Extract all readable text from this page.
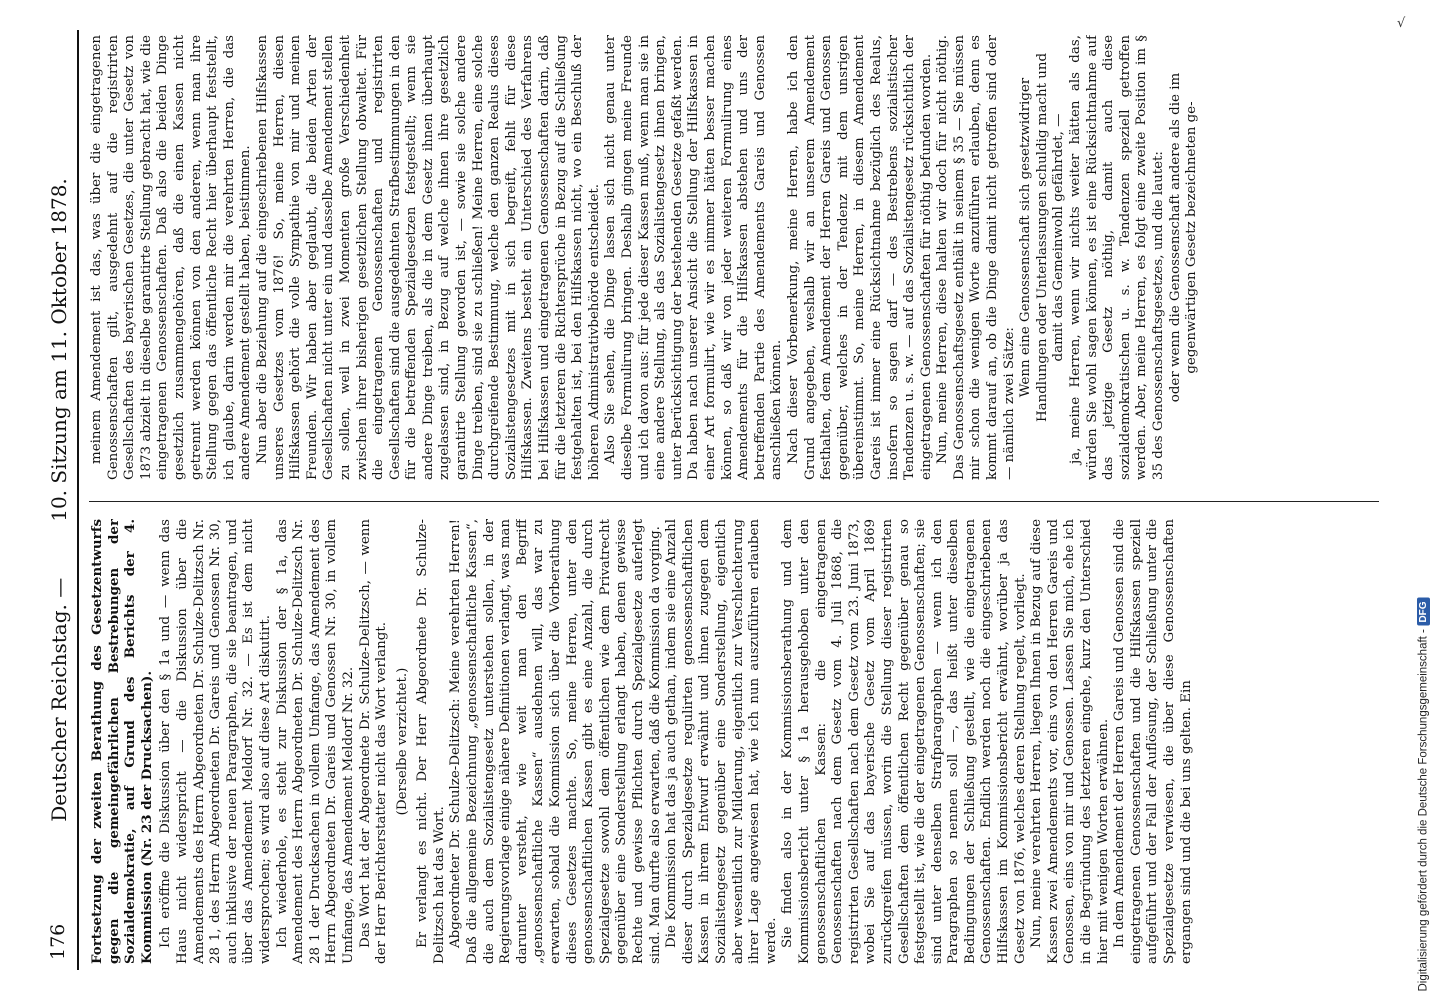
176
Deutscher Reichstag. —
10. Sitzung am 11. Oktober 1878.

Fortsetzung der zweiten Berathung des Gesetzentwurfs gegen die gemeingefährlichen Bestrebungen der Sozialdemokratie, auf Grund des Berichts der 4. Kommission (Nr. 23 der Drucksachen). Ich eröffne die Diskussion über den § 1a und — wenn das Haus nicht widerspricht — die Diskussion über die Amendements des Herrn Abgeordneten Dr. Schulze-Delitzsch Nr. 28 1, des Herrn Abgeordneten Dr. Gareis und Genossen Nr. 30, auch inklusive der neuen Paragraphen, die sie beantragen, und über das Amendement Meldorf Nr. 32. — Es ist dem nicht widersprochen; es wird also auf diese Art diskutirt. Ich wiederhole, es steht zur Diskussion der § 1a, das Amendement des Herrn Abgeordneten Dr. Schulze-Delitzsch Nr. 28 1 der Drucksachen in vollem Umfange, das Amendement des Herrn Abgeordneten Dr. Gareis und Genossen Nr. 30, in vollem Umfange, das Amendement Meldorf Nr. 32. Das Wort hat der Abgeordnete Dr. Schulze-Delitzsch, — wenn der Herr Berichterstatter nicht das Wort verlangt. (Derselbe verzichtet.) Er verlangt es nicht. Der Herr Abgeordnete Dr. Schulze-Delitzsch hat das Wort. Abgeordneter Dr. Schulze-Delitzsch: Meine verehrten Herren! Daß die allgemeine Bezeichnung „genossenschaftliche Kassen“, die auch dem Sozialistengesetz unterstehen sollen, in der Regierungsvorlage einige nähere Definitionen verlangt, was man darunter versteht, wie weit man den Begriff „genossenschaftliche Kassen“ ausdehnen will, das war zu erwarten, sobald die Kommission sich über die Vorberathung dieses Gesetzes machte. So, meine Herren, unter den genossenschaftlichen Kassen gibt es eine Anzahl, die durch Spezialgesetze sowohl dem öffentlichen wie dem Privatrecht gegenüber eine Sonderstellung erlangt haben, denen gewisse Rechte und gewisse Pflichten durch Spezialgesetze auferlegt sind. Man durfte also erwarten, daß die Kommission da vorging. Die Kommission hat das ja auch gethan, indem sie eine Anzahl dieser durch Spezialgesetze regulirten genossenschaftlichen Kassen in ihrem Entwurf erwähnt und ihnen zugegen dem Sozialistengesetz gegenüber eine Sonderstellung, eigentlich aber wesentlich zur Milderung, eigentlich zur Verschlechterung ihrer Lage angewiesen hat, wie ich nun auszuführen erlauben werde. Sie finden also in der Kommissionsberathung und dem Kommissionsbericht unter § 1a herausgehoben unter den genossenschaftlichen Kassen: die eingetragenen Genossenschaften nach dem Gesetz vom 4. Juli 1868, die registrirten Gesellschaften nach dem Gesetz vom 23. Juni 1873, wobei Sie auf das bayerische Gesetz vom April 1869 zurückgreifen müssen, worin die Stellung dieser registrirten Gesellschaften dem öffentlichen Recht gegenüber genau so festgestellt ist, wie die der eingetragenen Genossenschaften; sie sind unter denselben Strafparagraphen — wenn ich den Paragraphen so nennen soll —, das heißt unter dieselben Bedingungen der Schließung gestellt, wie die eingetragenen Genossenschaften. Endlich werden noch die eingeschriebenen Hilfskassen im Kommissionsbericht erwähnt, worüber ja das Gesetz von 1876, welches deren Stellung regelt, vorliegt. Nun, meine verehrten Herren, liegen Ihnen in Bezug auf diese Kassen zwei Amendements vor, eins von den Herren Gareis und Genossen, eins von mir und Genossen. Lassen Sie mich, ehe ich in die Begründung des letzteren eingehe, kurz den Unterschied hier mit wenigen Worten erwähnen. In dem Amendement der Herren Gareis und Genossen sind die eingetragenen Genossenschaften und die Hilfskassen speziell aufgeführt und der Fall der Auflösung, der Schließung unter die Spezialgesetze verwiesen, die über diese Genossenschaften ergangen sind und die bei uns gelten. Ein

meinem Amendement ist das, was über die eingetragenen Genossenschaften gilt, ausgedehnt auf die registrirten Gesellschaften des bayerischen Gesetzes, die unter Gesetz von 1873 abzielt in dieselbe garantirte Stellung gebracht hat, wie die eingetragenen Genossenschaften. Daß also die beiden Dinge gesetzlich zusammengehören, daß die einen Kassen nicht getrennt werden können von den anderen, wenn man ihre Stellung gegen das öffentliche Recht hier überhaupt feststellt, ich glaube, darin werden mir die verehrten Herren, die das andere Amendement gestellt haben, beistimmen. Nun aber die Beziehung auf die eingeschriebenen Hilfskassen unseres Gesetzes vom 1876! So, meine Herren, diesen Hilfskassen gehört die volle Sympathie von mir und meinen Freunden. Wir haben aber geglaubt, die beiden Arten der Gesellschaften nicht unter ein und dasselbe Amendement stellen zu sollen, weil in zwei Momenten große Verschiedenheit zwischen ihrer bisherigen gesetzlichen Stellung obwaltet. Für die eingetragenen Genossenschaften und registrirten Gesellschaften sind die ausgedehnten Strafbestimmungen in den für die betreffenden Spezialgesetzen festgestellt; wenn sie andere Dinge treiben, als die in dem Gesetz ihnen überhaupt zugelassen sind, in Bezug auf welche ihnen ihre gesetzlich garantirte Stellung geworden ist, — sowie sie solche andere Dinge treiben, sind sie zu schließen! Meine Herren, eine solche durchgreifende Bestimmung, welche den ganzen Realus dieses Sozialistengesetzes mit in sich begreift, fehlt für diese Hilfskassen. Zweitens besteht ein Unterschied des Verfahrens bei Hilfskassen und eingetragenen Genossenschaften darin, daß für die letzteren die Richtersprüche in Bezug auf die Schließung festgehalten ist, bei den Hilfskassen nicht, wo ein Beschluß der höheren Administrativbehörde entscheidet. Also Sie sehen, die Dinge lassen sich nicht genau unter dieselbe Formulirung bringen. Deshalb gingen meine Freunde und ich davon aus: für jede dieser Kassen muß, wenn man sie in eine andere Stellung, als das Sozialistengesetz ihnen bringen, unter Berücksichtigung der bestehenden Gesetze gefaßt werden. Da haben nach unserer Ansicht die Stellung der Hilfskassen in einer Art formulirt, wie wir es nimmer hätten besser machen können, so daß wir von jeder weiteren Formulirung eines Amendements für die Hilfskassen abstehen und uns der betreffenden Partie des Amendements Gareis und Genossen anschließen können. Nach dieser Vorbemerkung, meine Herren, habe ich den Grund angegeben, weshalb wir an unserem Amendement festhalten, dem Amendement der Herren Gareis und Genossen gegenüber, welches in der Tendenz mit dem unsrigen übereinstimmt. So, meine Herren, in diesem Amendement Gareis ist immer eine Rücksichtnahme bezüglich des Realus, insofern so sagen darf — des Bestrebens sozialistischer Tendenzen u. s. w. — auf das Sozialistengesetz rücksichtlich der eingetragenen Genossenschaften für nöthig befunden worden. Nun, meine Herren, diese halten wir doch für nicht nöthig. Das Genossenschaftsgesetz enthält in seinem § 35 — Sie müssen mir schon die wenigen Worte anzuführen erlauben, denn es kommt darauf an, ob die Dinge damit nicht getroffen sind oder — nämlich zwei Sätze:

Wenn eine Genossenschaft sich gesetzwidriger Handlungen oder Unterlassungen schuldig macht und damit das Gemeinwohl gefährdet, — ja, meine Herren, wenn wir nichts weiter hätten als das, würden Sie wohl sagen können, es ist eine Rücksichtnahme auf das jetzige Gesetz nöthig, damit auch diese sozialdemokratischen u. s. w. Tendenzen speziell getroffen werden. Aber, meine Herren, es folgt eine zweite Position im § 35 des Genossenschaftsgesetzes, und die lautet: oder wenn die Genossenschaft andere als die im gegenwärtigen Gesetz bezeichneten ge-

√
Digitalisierung gefördert durch die Deutsche Forschungsgemeinschaft -
DFG
